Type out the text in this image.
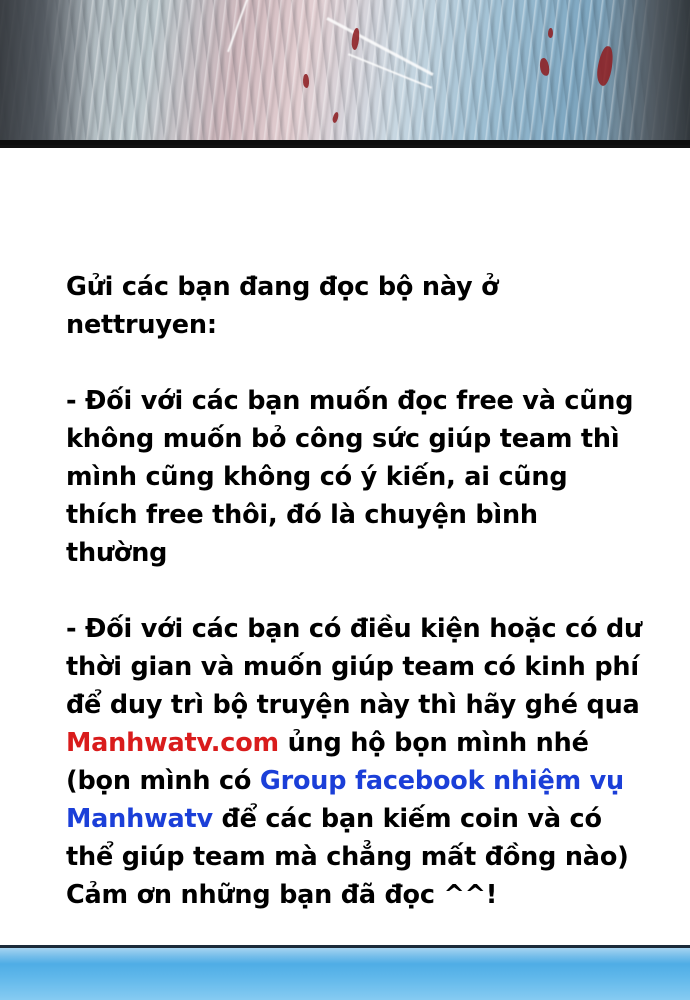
Gửi các bạn đang đọc bộ này ở nettruyen:

- Đối với các bạn muốn đọc free và cũng không muốn bỏ công sức giúp team thì mình cũng không có ý kiến, ai cũng thích free thôi, đó là chuyện bình thường

- Đối với các bạn có điều kiện hoặc có dư thời gian và muốn giúp team có kinh phí để duy trì bộ truyện này thì hãy ghé qua Manhwatv.com ủng hộ bọn mình nhé (bọn mình có Group facebook nhiệm vụ Manhwatv để các bạn kiếm coin và có thể giúp team mà chẳng mất đồng nào)

Cảm ơn những bạn đã đọc ^^!
